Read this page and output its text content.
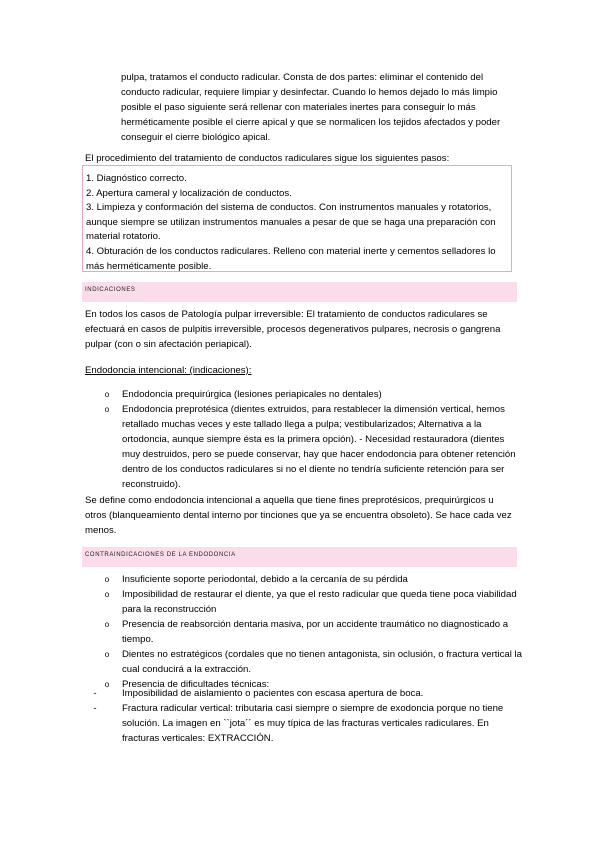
pulpa, tratamos el conducto radicular. Consta de dos partes: eliminar el contenido del conducto radicular, requiere limpiar y desinfectar. Cuando lo hemos dejado lo más limpio posible el paso siguiente será rellenar con materiales inertes para conseguir lo más herméticamente posible el cierre apical y que se normalicen los tejidos afectados y poder conseguir el cierre biológico apical.
El procedimiento del tratamiento de conductos radiculares sigue los siguientes pasos:
1. Diagnóstico correcto.
2. Apertura cameral y localización de conductos.
3. Limpieza y conformación del sistema de conductos. Con instrumentos manuales y rotatorios, aunque siempre se utilizan instrumentos manuales a pesar de que se haga una preparación con material rotatorio.
4. Obturación de los conductos radiculares. Relleno con material inerte y cementos selladores lo más herméticamente posible.
INDICACIONES
En todos los casos de Patología pulpar irreversible: El tratamiento de conductos radiculares se efectuará en casos de pulpitis irreversible, procesos degenerativos pulpares, necrosis o gangrena pulpar (con o sin afectación periapical).
Endodoncia intencional: (indicaciones):
o Endodoncia prequirúrgica (lesiones periapicales no dentales)
o Endodoncia preprotésica (dientes extruidos, para restablecer la dimensión vertical, hemos retallado muchas veces y este tallado llega a pulpa; vestibularizados; Alternativa a la ortodoncia, aunque siempre ésta es la primera opción). - Necesidad restauradora (dientes muy destruidos, pero se puede conservar, hay que hacer endodoncia para obtener retención dentro de los conductos radiculares si no el diente no tendría suficiente retención para ser reconstruido).
Se define como endodoncia intencional a aquella que tiene fines preprotésicos, prequirúrgicos u otros (blanqueamiento dental interno por tinciones que ya se encuentra obsoleto). Se hace cada vez menos.
CONTRAINDICACIONES DE LA ENDODONCIA
o Insuficiente soporte periodontal, debido a la cercanía de su pérdida
o Imposibilidad de restaurar el diente, ya que el resto radicular que queda tiene poca viabilidad para la reconstrucción
o Presencia de reabsorción dentaria masiva, por un accidente traumático no diagnosticado a tiempo.
o Dientes no estratégicos (cordales que no tienen antagonista, sin oclusión, o fractura vertical la cual conducirá a la extracción.
o Presencia de dificultades técnicas:
-	Imposibilidad de aislamiento o pacientes con escasa apertura de boca.
-	Fractura radicular vertical: tributaria casi siempre o siempre de exodoncia porque no tiene solución. La imagen en ``jota´´ es muy típica de las fracturas verticales radiculares. En fracturas verticales: EXTRACCIÓN.
